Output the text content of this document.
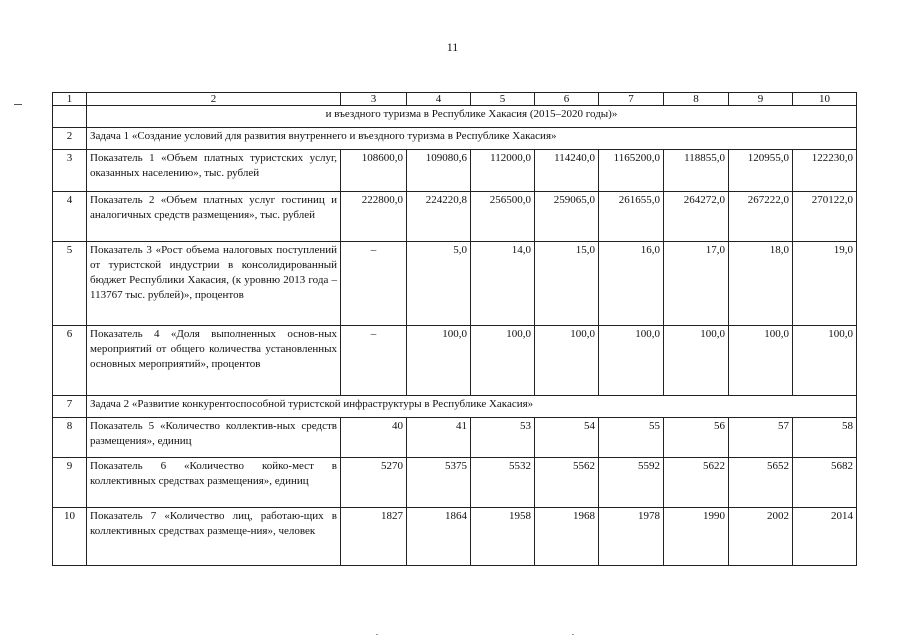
11
1	2	3	4	5	6	7	8	9	10
	и въездного туризма в Республике Хакасия (2015–2020 годы)»								
2	Задача 1 «Создание условий для развития внутреннего и въездного туризма в Республике Хакасия»								
3	Показатель 1 «Объем платных туристских услуг, оказанных населению», тыс. рублей	108600,0	109080,6	112000,0	114240,0	1165200,0	118855,0	120955,0	122230,0
4	Показатель 2 «Объем платных услуг гостиниц и аналогичных средств размещения», тыс. рублей	222800,0	224220,8	256500,0	259065,0	261655,0	264272,0	267222,0	270122,0
5	Показатель 3 «Рост объема налоговых поступлений от туристской индустрии в консолидированный бюджет Республики Хакасия, (к уровню 2013 года – 113767 тыс. рублей)», процентов	–	5,0	14,0	15,0	16,0	17,0	18,0	19,0
6	Показатель 4 «Доля выполненных основ-ных мероприятий от общего количества установленных основных мероприятий», процентов	–	100,0	100,0	100,0	100,0	100,0	100,0	100,0
7	Задача 2 «Развитие конкурентоспособной туристской инфраструктуры в Республике Хакасия»								
8	Показатель 5 «Количество коллектив-ных средств размещения», единиц	40	41	53	54	55	56	57	58
9	Показатель 6 «Количество койко-мест в коллективных средствах размещения», единиц	5270	5375	5532	5562	5592	5622	5652	5682
10	Показатель 7 «Количество лиц, работаю-щих в коллективных средствах размеще-ния», человек	1827	1864	1958	1968	1978	1990	2002	2014
